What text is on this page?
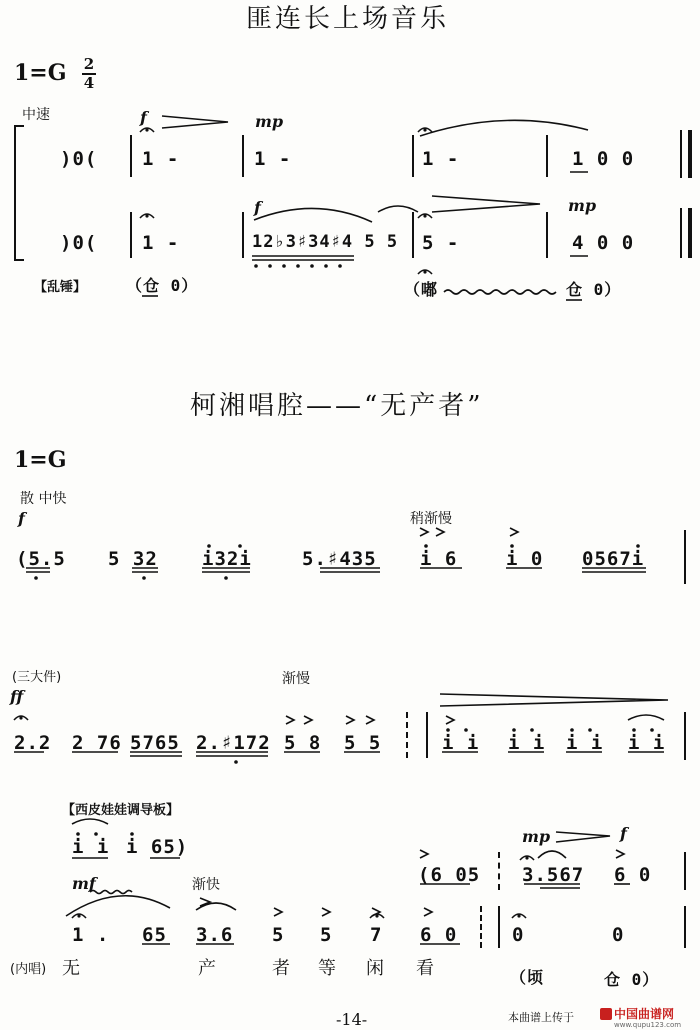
匪连长上场音乐
1=G 2
4
中速	f	mp
)0( 1 -	1 -	1 -	1 0 0
f	mp
)0( 1 -	12♭3♯34♯4 5 5 5 -	4 0 0
【乱锤】 （仓 0）	（嘟	仓 0）
柯湘唱腔——“无产者”
1=G
散 中快
f	稍渐慢
(5.5 5 32 i32i	5.♯435 i 6	i 0 0567i
(三大件)
ff
渐慢
2.2 2 76 5765 2.♯172 5 8 5 5	i i i i i i i i
【西皮娃娃调导板】
i i i 65)	mp	f
(6 05 3.567 6 0
mf	渐快
1 . 65 3.6 5 5 7 6 0	0	0
(内唱) 无	产	者 等 闲 看	（顷	仓 0）
-14-	本曲谱上传于	中国曲谱网
www.qupu123.com
